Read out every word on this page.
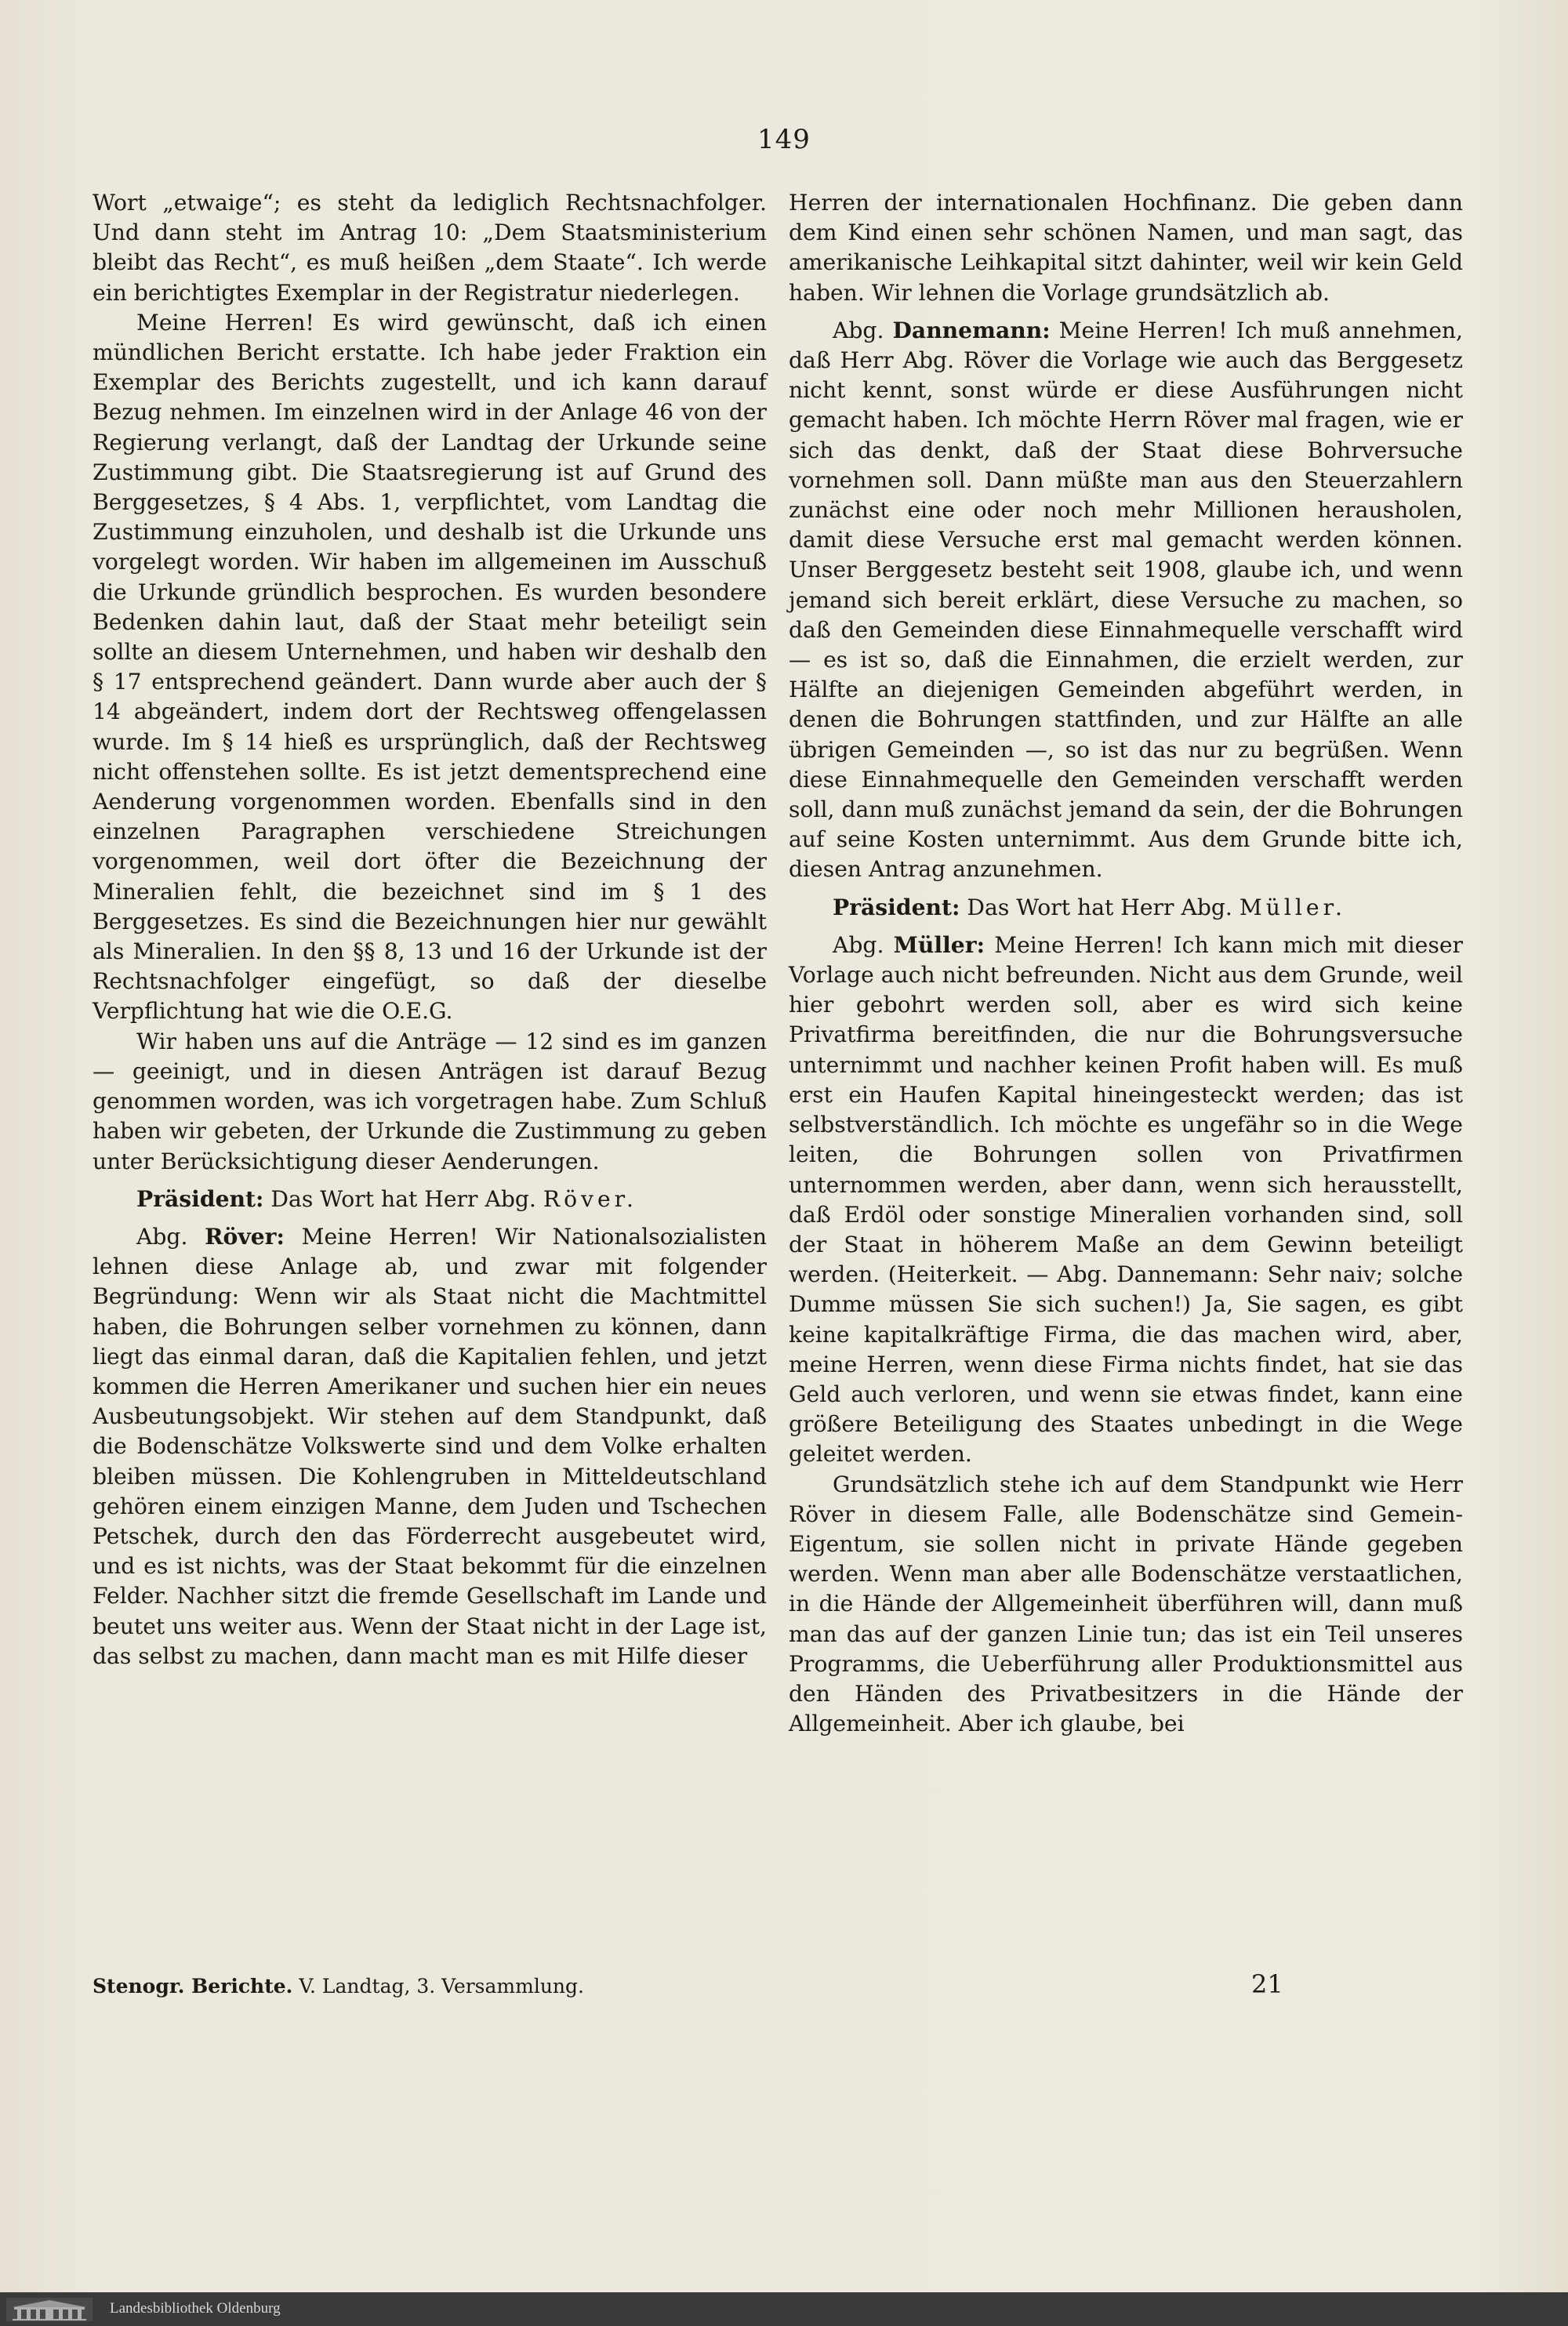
149

Wort „etwaige“; es steht da lediglich Rechtsnachfolger. Und dann steht im Antrag 10: „Dem Staatsministerium bleibt das Recht“, es muß heißen „dem Staate“. Ich werde ein berichtigtes Exemplar in der Registratur niederlegen.

Meine Herren! Es wird gewünscht, daß ich einen mündlichen Bericht erstatte. Ich habe jeder Fraktion ein Exemplar des Berichts zugestellt, und ich kann darauf Bezug nehmen. Im einzelnen wird in der Anlage 46 von der Regierung verlangt, daß der Landtag der Urkunde seine Zustimmung gibt. Die Staatsregierung ist auf Grund des Berggesetzes, § 4 Abs. 1, verpflichtet, vom Landtag die Zustimmung einzuholen, und deshalb ist die Urkunde uns vorgelegt worden. Wir haben im allgemeinen im Ausschuß die Urkunde gründlich besprochen. Es wurden besondere Bedenken dahin laut, daß der Staat mehr beteiligt sein sollte an diesem Unternehmen, und haben wir deshalb den § 17 entsprechend geändert. Dann wurde aber auch der § 14 abgeändert, indem dort der Rechtsweg offengelassen wurde. Im § 14 hieß es ursprünglich, daß der Rechtsweg nicht offenstehen sollte. Es ist jetzt dementsprechend eine Aenderung vorgenommen worden. Ebenfalls sind in den einzelnen Paragraphen verschiedene Streichungen vorgenommen, weil dort öfter die Bezeichnung der Mineralien fehlt, die bezeichnet sind im § 1 des Berggesetzes. Es sind die Bezeichnungen hier nur gewählt als Mineralien. In den §§ 8, 13 und 16 der Urkunde ist der Rechtsnachfolger eingefügt, so daß der dieselbe Verpflichtung hat wie die O.E.G.

Wir haben uns auf die Anträge — 12 sind es im ganzen — geeinigt, und in diesen Anträgen ist darauf Bezug genommen worden, was ich vorgetragen habe. Zum Schluß haben wir gebeten, der Urkunde die Zustimmung zu geben unter Berücksichtigung dieser Aenderungen.

Präsident: Das Wort hat Herr Abg. Röver.

Abg. Röver: Meine Herren! Wir Nationalsozialisten lehnen diese Anlage ab, und zwar mit folgender Begründung: Wenn wir als Staat nicht die Machtmittel haben, die Bohrungen selber vornehmen zu können, dann liegt das einmal daran, daß die Kapitalien fehlen, und jetzt kommen die Herren Amerikaner und suchen hier ein neues Ausbeutungsobjekt. Wir stehen auf dem Standpunkt, daß die Bodenschätze Volkswerte sind und dem Volke erhalten bleiben müssen. Die Kohlengruben in Mitteldeutschland gehören einem einzigen Manne, dem Juden und Tschechen Petschek, durch den das Förderrecht ausgebeutet wird, und es ist nichts, was der Staat bekommt für die einzelnen Felder. Nachher sitzt die fremde Gesellschaft im Lande und beutet uns weiter aus. Wenn der Staat nicht in der Lage ist, das selbst zu machen, dann macht man es mit Hilfe dieser

Herren der internationalen Hochfinanz. Die geben dann dem Kind einen sehr schönen Namen, und man sagt, das amerikanische Leihkapital sitzt dahinter, weil wir kein Geld haben. Wir lehnen die Vorlage grundsätzlich ab.

Abg. Dannemann: Meine Herren! Ich muß annehmen, daß Herr Abg. Röver die Vorlage wie auch das Berggesetz nicht kennt, sonst würde er diese Ausführungen nicht gemacht haben. Ich möchte Herrn Röver mal fragen, wie er sich das denkt, daß der Staat diese Bohrversuche vornehmen soll. Dann müßte man aus den Steuerzahlern zunächst eine oder noch mehr Millionen herausholen, damit diese Versuche erst mal gemacht werden können. Unser Berggesetz besteht seit 1908, glaube ich, und wenn jemand sich bereit erklärt, diese Versuche zu machen, so daß den Gemeinden diese Einnahmequelle verschafft wird — es ist so, daß die Einnahmen, die erzielt werden, zur Hälfte an diejenigen Gemeinden abgeführt werden, in denen die Bohrungen stattfinden, und zur Hälfte an alle übrigen Gemeinden —, so ist das nur zu begrüßen. Wenn diese Einnahmequelle den Gemeinden verschafft werden soll, dann muß zunächst jemand da sein, der die Bohrungen auf seine Kosten unternimmt. Aus dem Grunde bitte ich, diesen Antrag anzunehmen.

Präsident: Das Wort hat Herr Abg. Müller.

Abg. Müller: Meine Herren! Ich kann mich mit dieser Vorlage auch nicht befreunden. Nicht aus dem Grunde, weil hier gebohrt werden soll, aber es wird sich keine Privatfirma bereitfinden, die nur die Bohrungsversuche unternimmt und nachher keinen Profit haben will. Es muß erst ein Haufen Kapital hineingesteckt werden; das ist selbstverständlich. Ich möchte es ungefähr so in die Wege leiten, die Bohrungen sollen von Privatfirmen unternommen werden, aber dann, wenn sich herausstellt, daß Erdöl oder sonstige Mineralien vorhanden sind, soll der Staat in höherem Maße an dem Gewinn beteiligt werden. (Heiterkeit. — Abg. Dannemann: Sehr naiv; solche Dumme müssen Sie sich suchen!) Ja, Sie sagen, es gibt keine kapitalkräftige Firma, die das machen wird, aber, meine Herren, wenn diese Firma nichts findet, hat sie das Geld auch verloren, und wenn sie etwas findet, kann eine größere Beteiligung des Staates unbedingt in die Wege geleitet werden.

Grundsätzlich stehe ich auf dem Standpunkt wie Herr Röver in diesem Falle, alle Bodenschätze sind Gemein-Eigentum, sie sollen nicht in private Hände gegeben werden. Wenn man aber alle Bodenschätze verstaatlichen, in die Hände der Allgemeinheit überführen will, dann muß man das auf der ganzen Linie tun; das ist ein Teil unseres Programms, die Ueberführung aller Produktionsmittel aus den Händen des Privatbesitzers in die Hände der Allgemeinheit. Aber ich glaube, bei

Stenogr. Berichte. V. Landtag, 3. Versammlung.	21
Landesbibliothek Oldenburg
